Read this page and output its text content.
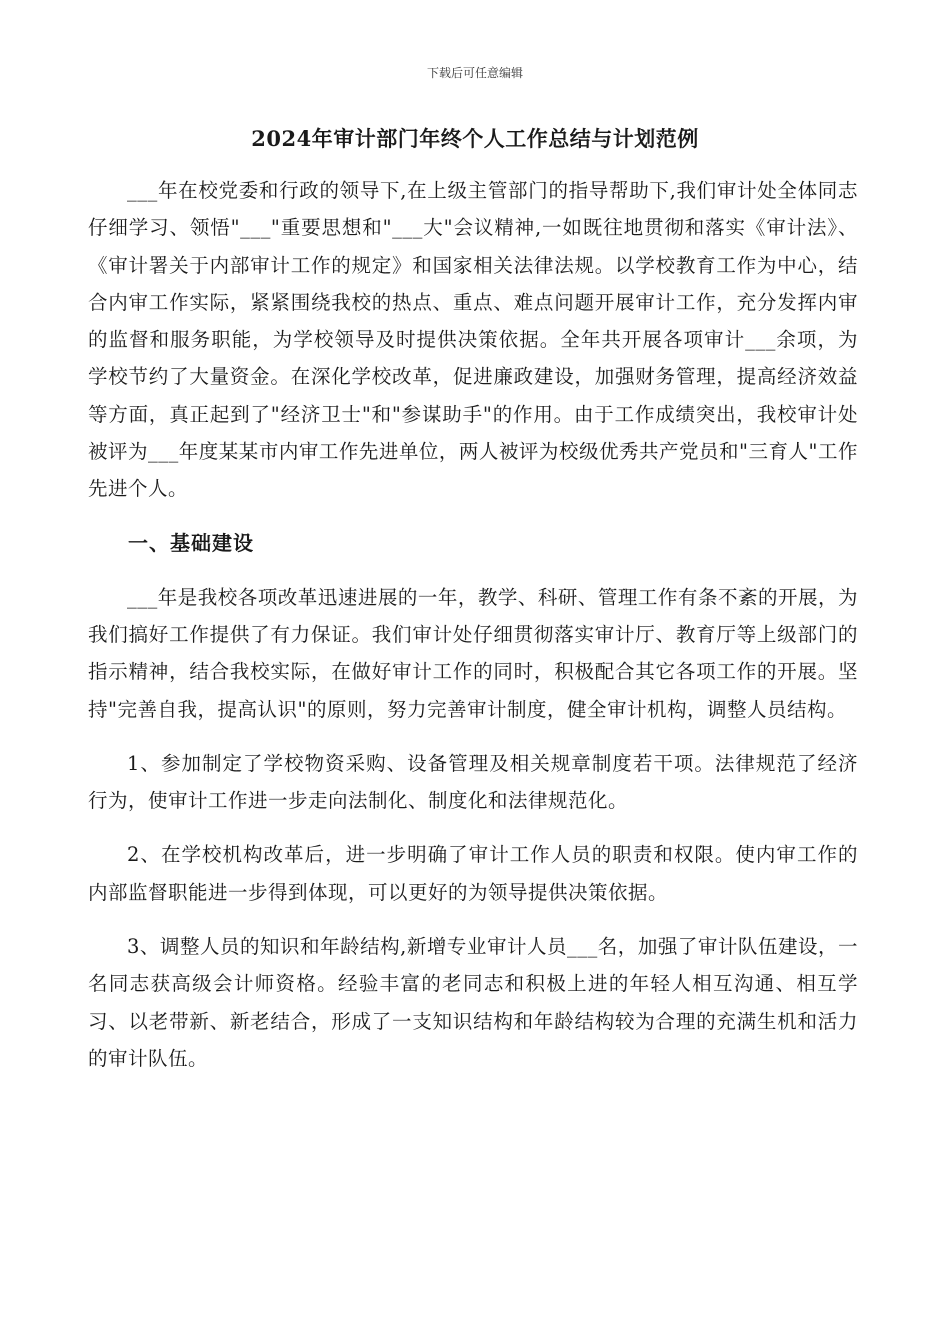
下载后可任意编辑
2024年审计部门年终个人工作总结与计划范例

___年在校党委和行政的领导下,在上级主管部门的指导帮助下,我们审计处全体同志仔细学习、领悟"___"重要思想和"___大"会议精神,一如既往地贯彻和落实《审计法》、《审计署关于内部审计工作的规定》和国家相关法律法规。以学校教育工作为中心，结合内审工作实际，紧紧围绕我校的热点、重点、难点问题开展审计工作，充分发挥内审的监督和服务职能，为学校领导及时提供决策依据。全年共开展各项审计___余项，为学校节约了大量资金。在深化学校改革，促进廉政建设，加强财务管理，提高经济效益等方面，真正起到了"经济卫士"和"参谋助手"的作用。由于工作成绩突出，我校审计处被评为___年度某某市内审工作先进单位，两人被评为校级优秀共产党员和"三育人"工作先进个人。

一、基础建设

___年是我校各项改革迅速进展的一年，教学、科研、管理工作有条不紊的开展，为我们搞好工作提供了有力保证。我们审计处仔细贯彻落实审计厅、教育厅等上级部门的指示精神，结合我校实际，在做好审计工作的同时，积极配合其它各项工作的开展。坚持"完善自我，提高认识"的原则，努力完善审计制度，健全审计机构，调整人员结构。

1、参加制定了学校物资采购、设备管理及相关规章制度若干项。法律规范了经济行为，使审计工作进一步走向法制化、制度化和法律规范化。

2、在学校机构改革后，进一步明确了审计工作人员的职责和权限。使内审工作的内部监督职能进一步得到体现，可以更好的为领导提供决策依据。

3、调整人员的知识和年龄结构,新增专业审计人员___名，加强了审计队伍建设，一名同志获高级会计师资格。经验丰富的老同志和积极上进的年轻人相互沟通、相互学习、以老带新、新老结合，形成了一支知识结构和年龄结构较为合理的充满生机和活力的审计队伍。
